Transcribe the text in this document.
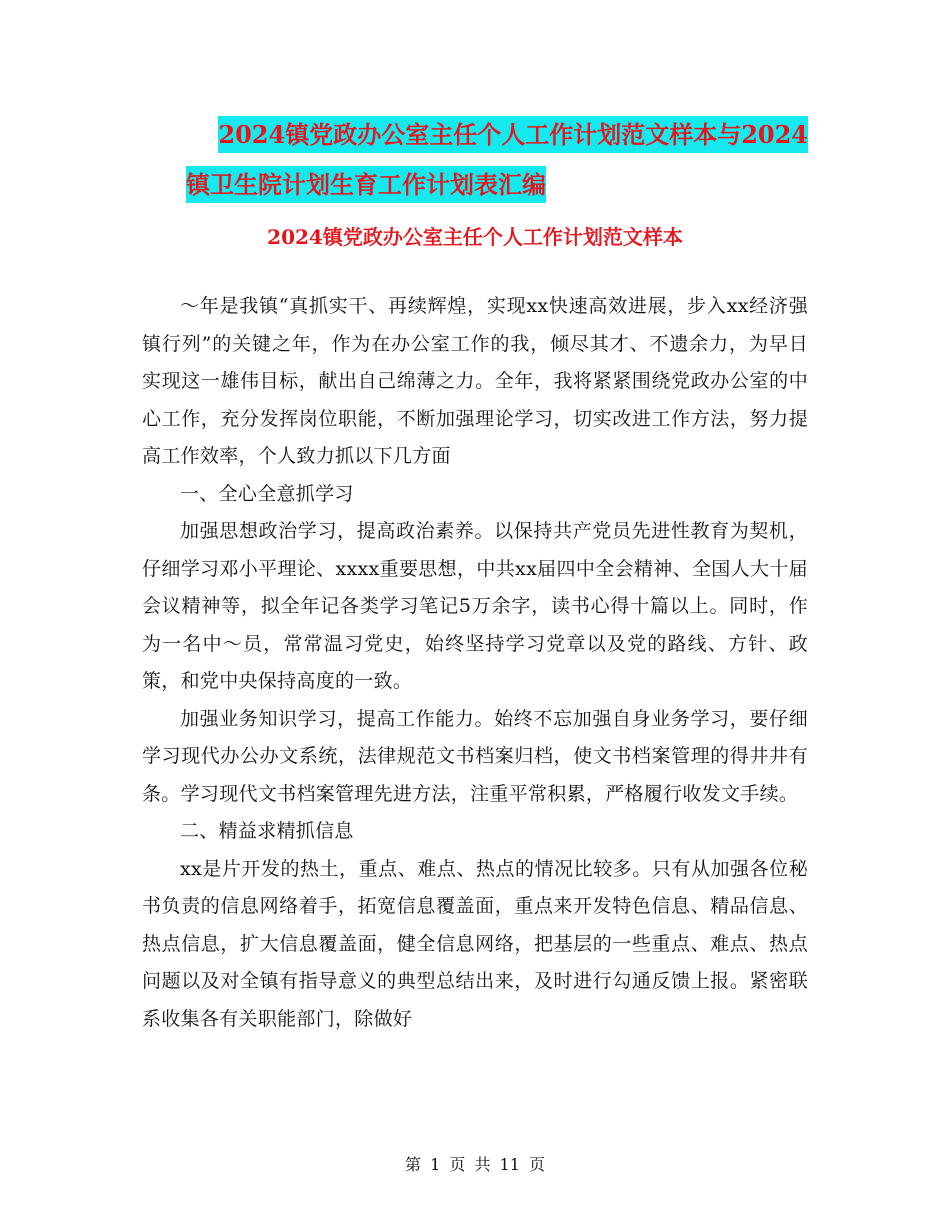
2024镇党政办公室主任个人工作计划范文样本与2024
镇卫生院计划生育工作计划表汇编
2024镇党政办公室主任个人工作计划范文样本

～年是我镇“真抓实干、再续辉煌，实现xx快速高效进展，步入xx经济强镇行列”的关键之年，作为在办公室工作的我，倾尽其才、不遗余力，为早日实现这一雄伟目标，献出自己绵薄之力。全年，我将紧紧围绕党政办公室的中心工作，充分发挥岗位职能，不断加强理论学习，切实改进工作方法，努力提高工作效率，个人致力抓以下几方面

一、全心全意抓学习

加强思想政治学习，提高政治素养。以保持共产党员先进性教育为契机，仔细学习邓小平理论、xxxx重要思想，中共xx届四中全会精神、全国人大十届会议精神等，拟全年记各类学习笔记5万余字，读书心得十篇以上。同时，作为一名中～员，常常温习党史，始终坚持学习党章以及党的路线、方针、政策，和党中央保持高度的一致。

加强业务知识学习，提高工作能力。始终不忘加强自身业务学习，要仔细学习现代办公办文系统，法律规范文书档案归档，使文书档案管理的得井井有条。学习现代文书档案管理先进方法，注重平常积累，严格履行收发文手续。

二、精益求精抓信息

xx是片开发的热土，重点、难点、热点的情况比较多。只有从加强各位秘书负责的信息网络着手，拓宽信息覆盖面，重点来开发特色信息、精品信息、热点信息，扩大信息覆盖面，健全信息网络，把基层的一些重点、难点、热点问题以及对全镇有指导意义的典型总结出来，及时进行勾通反馈上报。紧密联系收集各有关职能部门，除做好

第 1 页 共 11 页
